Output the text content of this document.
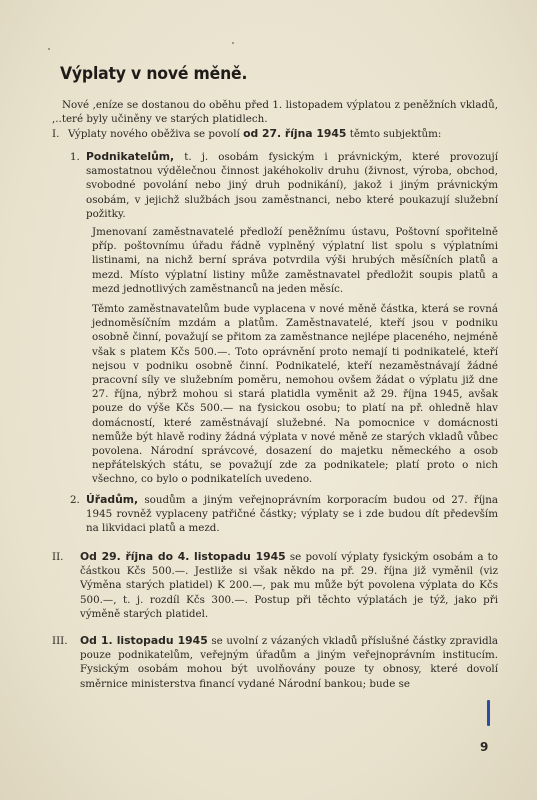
Výplaty v nové měně.
Nové ,eníze se dostanou do oběhu před 1. listopadem výplatou z peněžních vkladů, ,..teré byly učiněny ve starých platidlech.
I. Výplaty nového oběživa se povolí od 27. října 1945 těmto subjektům:
1. Podnikatelům, t. j. osobám fysickým i právnickým, které provozují samostatnou výdělečnou činnost jakéhokoliv druhu (živnost, výroba, obchod, svobodné povolání nebo jiný druh podnikání), jakož i jiným právnickým osobám, v jejichž službách jsou zaměstnanci, nebo které poukazují služební požitky.
Jmenovaní zaměstnavatelé předloží peněžnímu ústavu, Poštovní spořitelně příp. poštovnímu úřadu řádně vyplněný výplatní list spolu s výplatními listinami, na nichž berní správa potvrdila výši hrubých měsíčních platů a mezd. Místo výplatní listiny může zaměstnavatel předložit soupis platů a mezd jednotlivých zaměstnanců na jeden měsíc.
Těmto zaměstnavatelům bude vyplacena v nové měně částka, která se rovná jednoměsíčním mzdám a platům. Zaměstnavatelé, kteří jsou v podniku osobně činní, považují se přitom za zaměstnance nejlépe placeného, nejméně však s platem Kčs 500.—. Toto oprávnění proto nemají ti podnikatelé, kteří nejsou v podniku osobně činní. Podnikatelé, kteří nezaměstnávají žádné pracovní síly ve služebním poměru, nemohou ovšem žádat o výplatu již dne 27. října, nýbrž mohou si stará platidla vyměnit až 29. října 1945, avšak pouze do výše Kčs 500.— na fysickou osobu; to platí na př. ohledně hlav domácností, které zaměstnávají služebné. Na pomocnice v domácnosti nemůže být hlavě rodiny žádná výplata v nové měně ze starých vkladů vůbec povolena. Národní správcové, dosazení do majetku německého a osob nepřátelských státu, se považují zde za podnikatele; platí proto o nich všechno, co bylo o podnikatelích uvedeno.
2. Úřadům, soudům a jiným veřejnoprávním korporacím budou od 27. října 1945 rovněž vyplaceny patřičné částky; výplaty se i zde budou dít především na likvidaci platů a mezd.
II. Od 29. října do 4. listopadu 1945 se povolí výplaty fysickým osobám a to částkou Kčs 500.—. Jestliže si však někdo na př. 29. října již vyměnil (viz Výměna starých platidel) K 200.—, pak mu může být povolena výplata do Kčs 500.—, t. j. rozdíl Kčs 300.—. Postup při těchto výplatách je týž, jako při výměně starých platidel.
III. Od 1. listopadu 1945 se uvolní z vázaných vkladů příslušné částky zpravidla pouze podnikatelům, veřejným úřadům a jiným veřejnoprávním institucím. Fysickým osobám mohou být uvolňovány pouze ty obnosy, které dovolí směrnice ministerstva financí vydané Národní bankou; bude se
9
